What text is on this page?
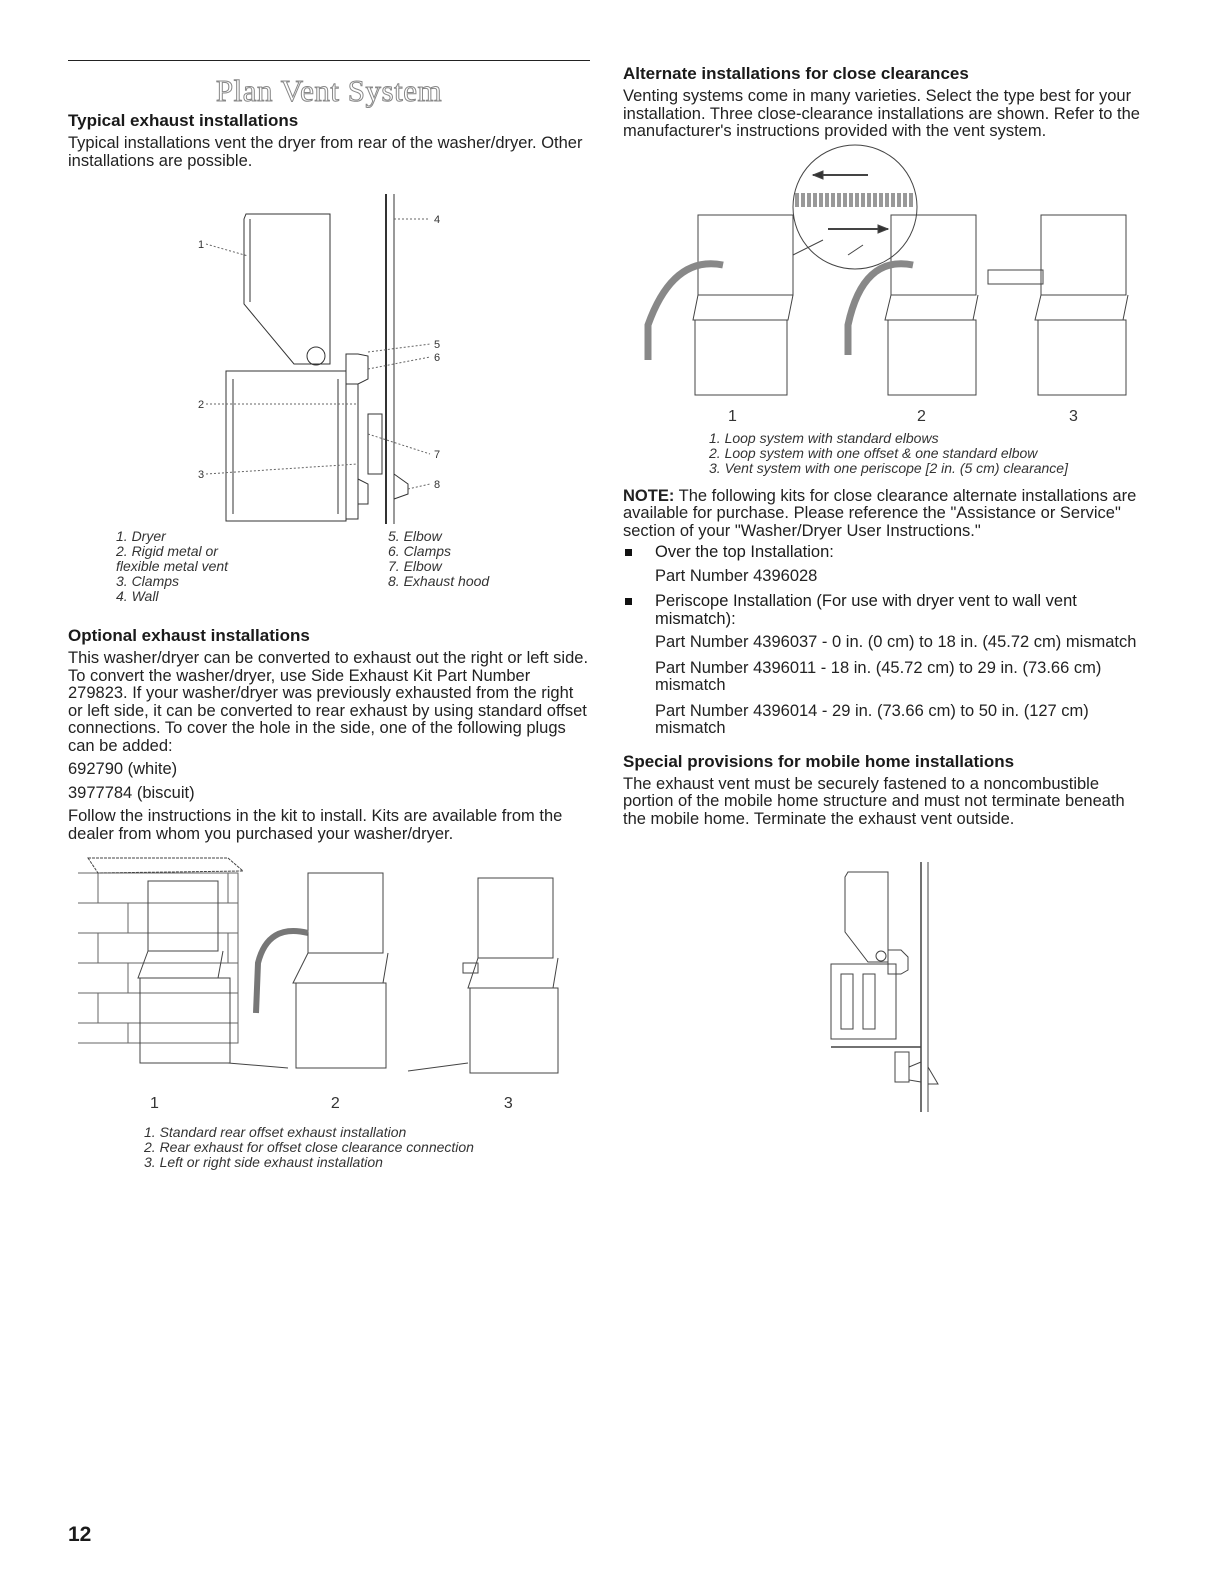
Plan Vent System
Typical exhaust installations

Typical installations vent the dryer from rear of the washer/dryer. Other installations are possible.

1
2
3
4
5
6
7
8
1. Dryer
2. Rigid metal or
flexible metal vent
3. Clamps
4. Wall
5. Elbow
6. Clamps
7. Elbow
8. Exhaust hood
Optional exhaust installations

This washer/dryer can be converted to exhaust out the right or left side. To convert the washer/dryer, use Side Exhaust Kit Part Number 279823. If your washer/dryer was previously exhausted from the right or left side, it can be converted to rear exhaust by using standard offset connections. To cover the hole in the side, one of the following plugs can be added:

692790 (white)

3977784 (biscuit)

Follow the instructions in the kit to install. Kits are available from the dealer from whom you purchased your washer/dryer.

1	2	3
1. Standard rear offset exhaust installation
2. Rear exhaust for offset close clearance connection
3. Left or right side exhaust installation
Alternate installations for close clearances

Venting systems come in many varieties. Select the type best for your installation. Three close-clearance installations are shown. Refer to the manufacturer's instructions provided with the vent system.

1	2	3
1. Loop system with standard elbows
2. Loop system with one offset & one standard elbow
3. Vent system with one periscope [2 in. (5 cm) clearance]

NOTE: The following kits for close clearance alternate installations are available for purchase. Please reference the "Assistance or Service" section of your "Washer/Dryer User Instructions."

Over the top Installation:
Part Number 4396028
Periscope Installation (For use with dryer vent to wall vent mismatch):
Part Number 4396037 - 0 in. (0 cm) to 18 in. (45.72 cm) mismatch
Part Number 4396011 - 18 in. (45.72 cm) to 29 in. (73.66 cm) mismatch
Part Number 4396014 - 29 in. (73.66 cm) to 50 in. (127 cm) mismatch
Special provisions for mobile home installations

The exhaust vent must be securely fastened to a noncombustible portion of the mobile home structure and must not terminate beneath the mobile home. Terminate the exhaust vent outside.

12
